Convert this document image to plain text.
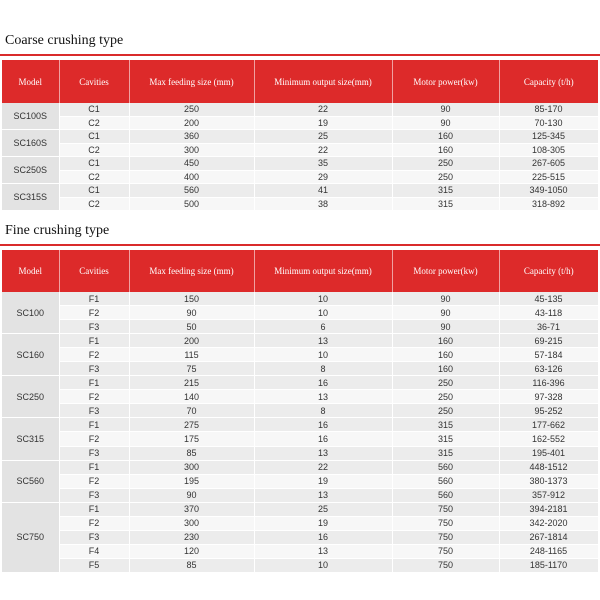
Coarse crushing type
Model	Cavities	Max feeding size (mm)	Minimum output size(mm)	Motor power(kw)	Capacity (t/h)
SC100S	C1	250	22	90	85-170
	C2	200	19	90	70-130
SC160S	C1	360	25	160	125-345
	C2	300	22	160	108-305
SC250S	C1	450	35	250	267-605
	C2	400	29	250	225-515
SC315S	C1	560	41	315	349-1050
	C2	500	38	315	318-892
Fine crushing type
Model	Cavities	Max feeding size (mm)	Minimum output size(mm)	Motor power(kw)	Capacity (t/h)
SC100	F1	150	10	90	45-135
	F2	90	10	90	43-118
	F3	50	6	90	36-71
SC160	F1	200	13	160	69-215
	F2	115	10	160	57-184
	F3	75	8	160	63-126
SC250	F1	215	16	250	116-396
	F2	140	13	250	97-328
	F3	70	8	250	95-252
SC315	F1	275	16	315	177-662
	F2	175	16	315	162-552
	F3	85	13	315	195-401
SC560	F1	300	22	560	448-1512
	F2	195	19	560	380-1373
	F3	90	13	560	357-912
SC750	F1	370	25	750	394-2181
	F2	300	19	750	342-2020
	F3	230	16	750	267-1814
	F4	120	13	750	248-1165
	F5	85	10	750	185-1170
